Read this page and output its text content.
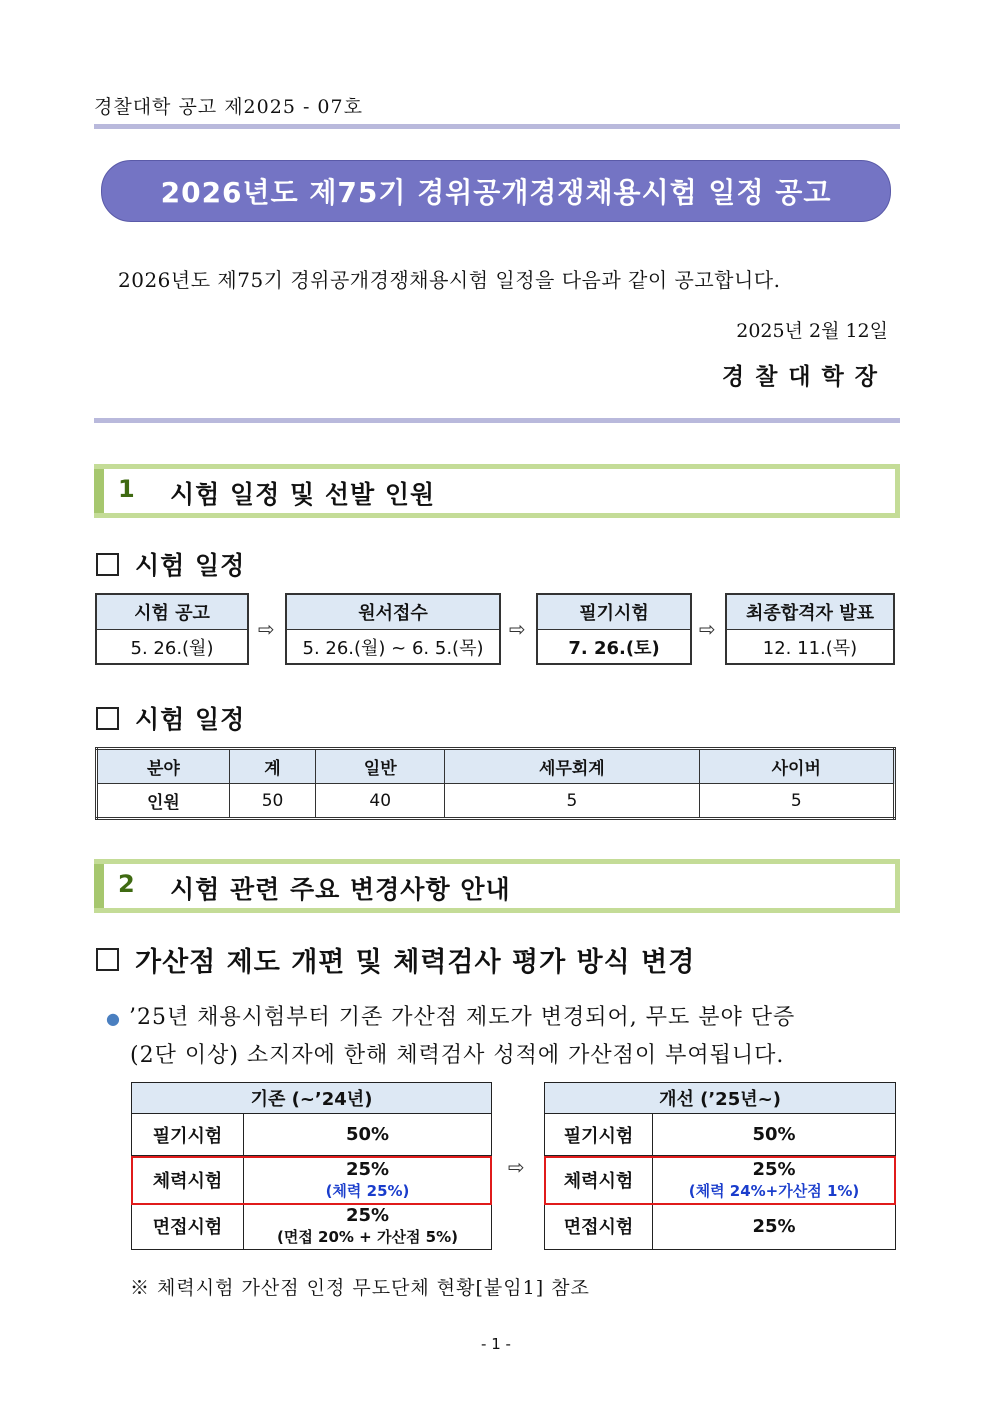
경찰대학 공고 제2025 - 07호
2026년도 제75기 경위공개경쟁채용시험 일정 공고
2026년도 제75기 경위공개경쟁채용시험 일정을 다음과 같이 공고합니다.
2025년 2월 12일
경찰대학장
1 시험 일정 및 선발 인원
시험 일정
시험 공고
5. 26.(월)
⇨
원서접수
5. 26.(월) ~ 6. 5.(목)
⇨
필기시험
7. 26.(토)
⇨
최종합격자 발표
12. 11.(목)
시험 일정
분야	계	일반	세무회계	사이버
인원	50	40	5	5
2 시험 관련 주요 변경사항 안내
가산점 제도 개편 및 체력검사 평가 방식 변경
● ’25년 채용시험부터 기존 가산점 제도가 변경되어, 무도 분야 단증
(2단 이상) 소지자에 한해 체력검사 성적에 가산점이 부여됩니다.
기존 (~’24년)	
필기시험	50%
체력시험	25%
(체력 25%)

면접시험	25%
(면접 20% + 가산점 5%)
⇨
개선 (’25년~)	
필기시험	50%
체력시험	25%
(체력 24%+가산점 1%)

면접시험	25%
※ 체력시험 가산점 인정 무도단체 현황[붙임1] 참조
- 1 -
